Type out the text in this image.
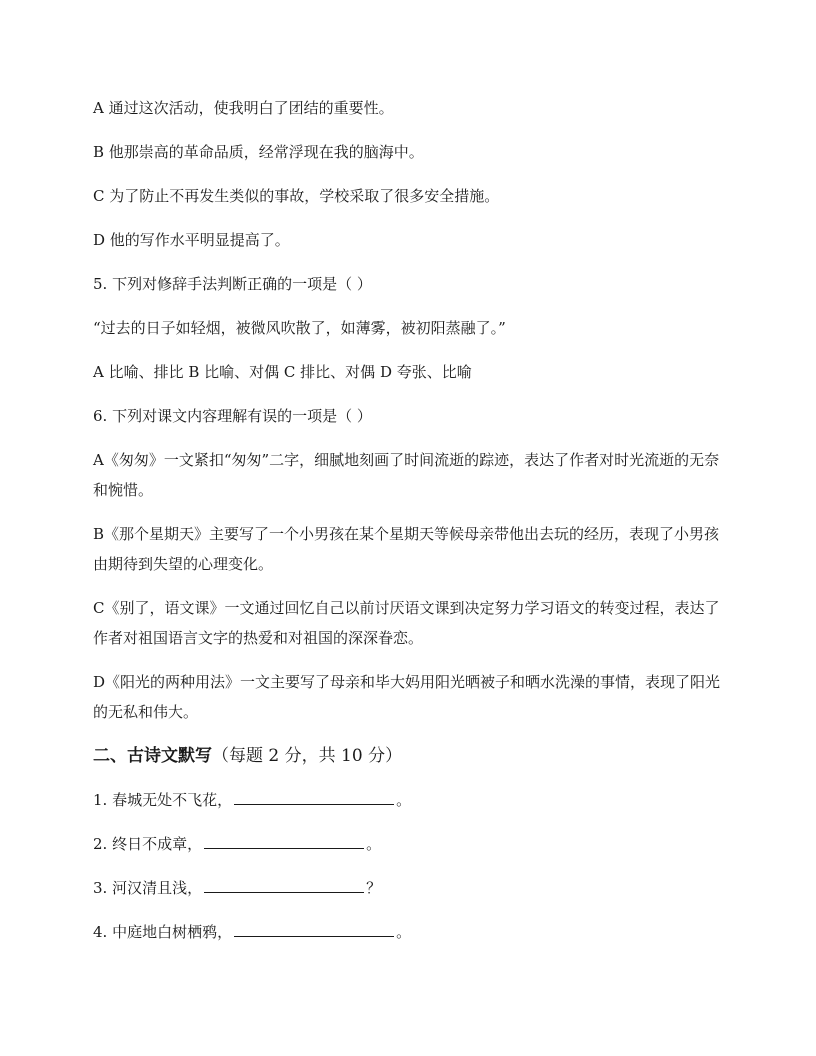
A 通过这次活动，使我明白了团结的重要性。

B 他那崇高的革命品质，经常浮现在我的脑海中。

C 为了防止不再发生类似的事故，学校采取了很多安全措施。

D 他的写作水平明显提高了。

5. 下列对修辞手法判断正确的一项是（ ）

“过去的日子如轻烟，被微风吹散了，如薄雾，被初阳蒸融了。”

A 比喻、排比 B 比喻、对偶 C 排比、对偶 D 夸张、比喻

6. 下列对课文内容理解有误的一项是（ ）

A《匆匆》一文紧扣“匆匆”二字，细腻地刻画了时间流逝的踪迹，表达了作者对时光流逝的无奈和惋惜。

B《那个星期天》主要写了一个小男孩在某个星期天等候母亲带他出去玩的经历，表现了小男孩由期待到失望的心理变化。

C《别了，语文课》一文通过回忆自己以前讨厌语文课到决定努力学习语文的转变过程，表达了作者对祖国语言文字的热爱和对祖国的深深眷恋。

D《阳光的两种用法》一文主要写了母亲和毕大妈用阳光晒被子和晒水洗澡的事情，表现了阳光的无私和伟大。

二、古诗文默写（每题 2 分，共 10 分）

1. 春城无处不飞花，	。

2. 终日不成章，	。

3. 河汉清且浅，	？

4. 中庭地白树栖鸦，	。
